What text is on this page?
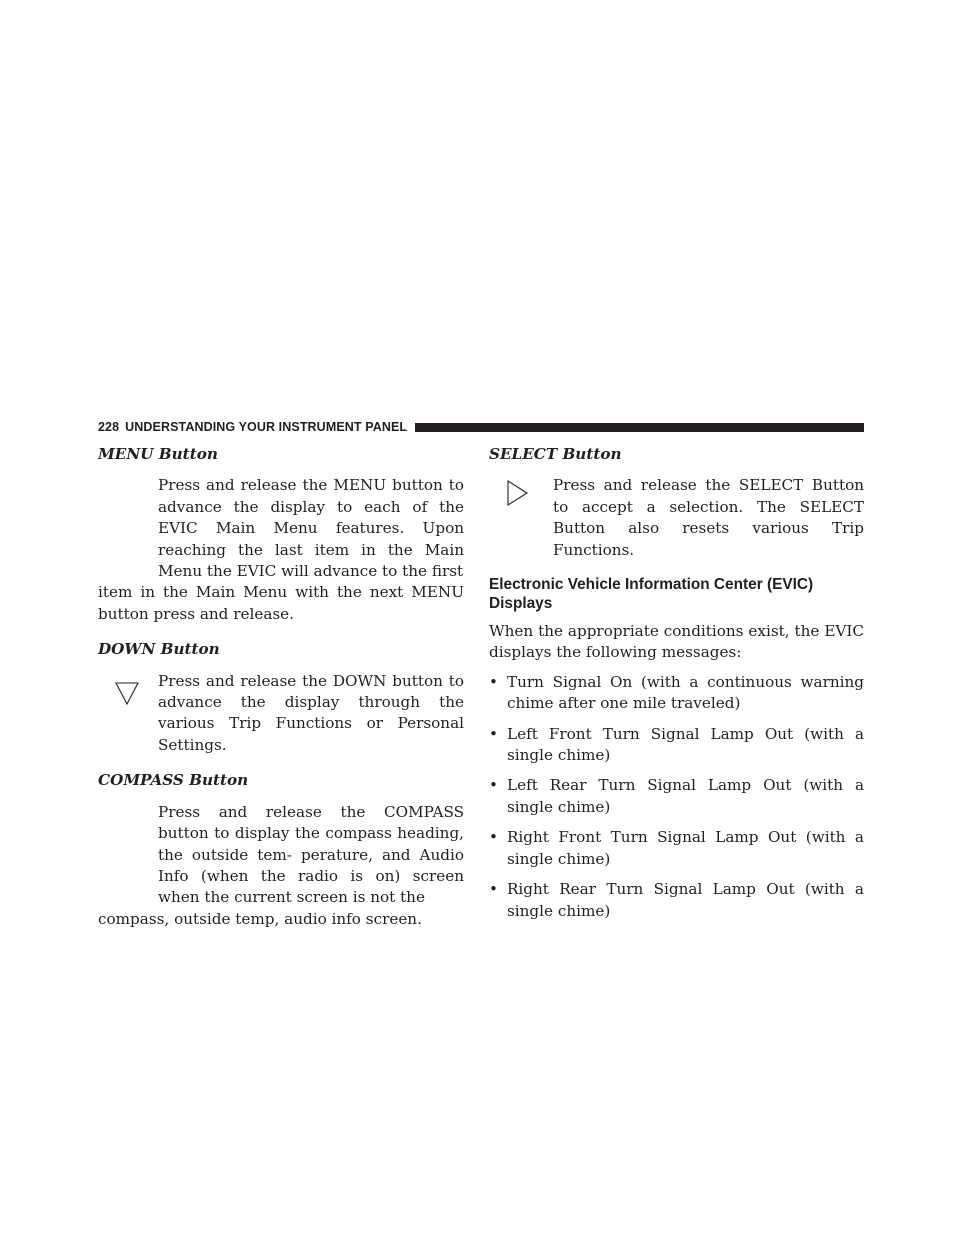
228 UNDERSTANDING YOUR INSTRUMENT PANEL
MENU Button
Press and release the MENU button to advance the display to each of the EVIC Main Menu features. Upon reaching the last item in the Main Menu the EVIC will advance to the first
item in the Main Menu with the next MENU button press and release.
DOWN Button
Press and release the DOWN button to advance the display through the various Trip Functions or Personal Settings.
COMPASS Button
Press and release the COMPASS button to display the compass heading, the outside tem- perature, and Audio Info (when the radio is on) screen when the current screen is not the
compass, outside temp, audio info screen.
SELECT Button
Press and release the SELECT Button to accept a selection. The SELECT Button also resets various Trip Functions.
Electronic Vehicle Information Center (EVIC) Displays
When the appropriate conditions exist, the EVIC displays the following messages:
• Turn Signal On (with a continuous warning chime after one mile traveled)
• Left Front Turn Signal Lamp Out (with a single chime)
• Left Rear Turn Signal Lamp Out (with a single chime)
• Right Front Turn Signal Lamp Out (with a single chime)
• Right Rear Turn Signal Lamp Out (with a single chime)
